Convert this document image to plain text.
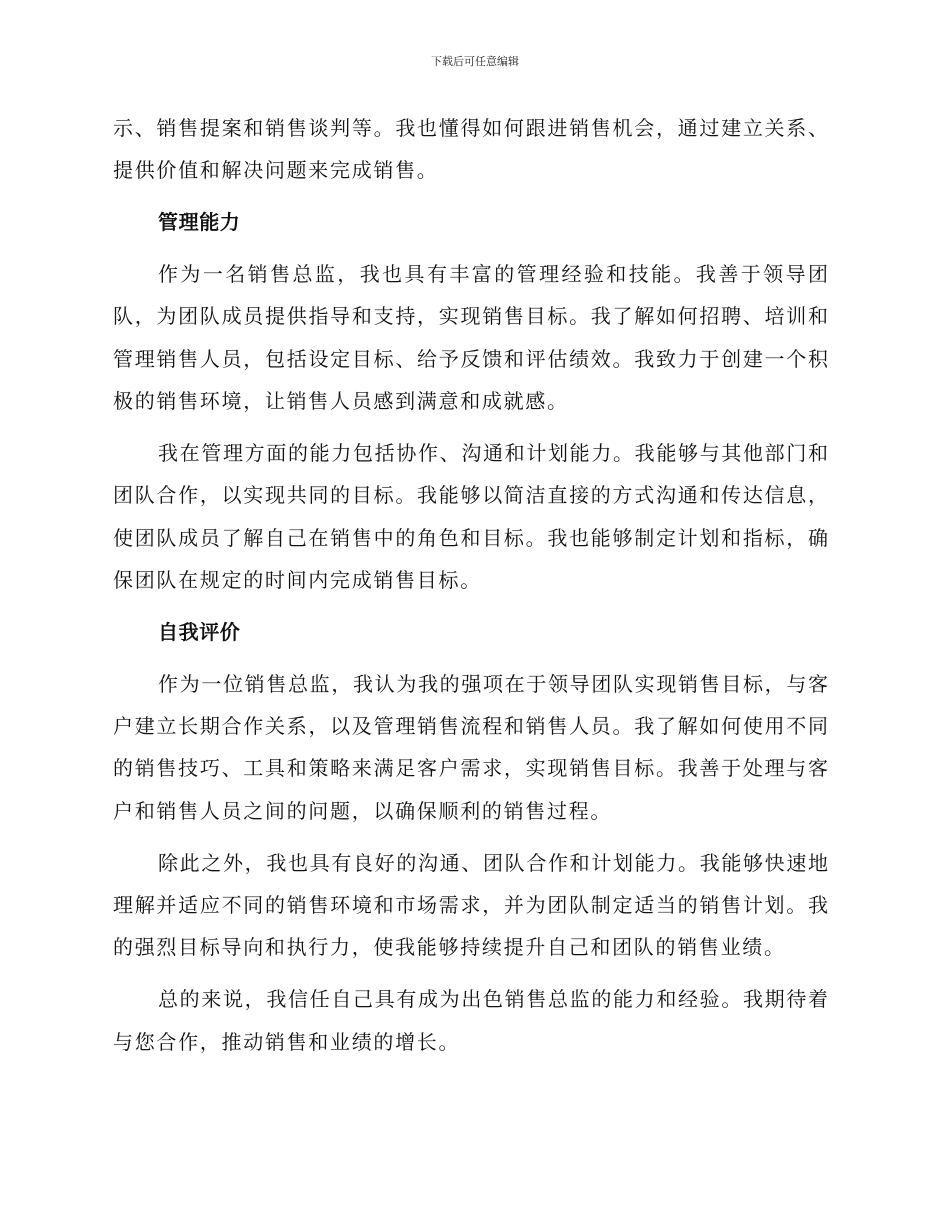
下载后可任意编辑
示、销售提案和销售谈判等。我也懂得如何跟进销售机会，通过建立关系、
提供价值和解决问题来完成销售。
管理能力
作为一名销售总监，我也具有丰富的管理经验和技能。我善于领导团
队，为团队成员提供指导和支持，实现销售目标。我了解如何招聘、培训和
管理销售人员，包括设定目标、给予反馈和评估绩效。我致力于创建一个积
极的销售环境，让销售人员感到满意和成就感。
我在管理方面的能力包括协作、沟通和计划能力。我能够与其他部门和
团队合作，以实现共同的目标。我能够以简洁直接的方式沟通和传达信息，
使团队成员了解自己在销售中的角色和目标。我也能够制定计划和指标，确
保团队在规定的时间内完成销售目标。
自我评价
作为一位销售总监，我认为我的强项在于领导团队实现销售目标，与客
户建立长期合作关系，以及管理销售流程和销售人员。我了解如何使用不同
的销售技巧、工具和策略来满足客户需求，实现销售目标。我善于处理与客
户和销售人员之间的问题，以确保顺利的销售过程。
除此之外，我也具有良好的沟通、团队合作和计划能力。我能够快速地
理解并适应不同的销售环境和市场需求，并为团队制定适当的销售计划。我
的强烈目标导向和执行力，使我能够持续提升自己和团队的销售业绩。
总的来说，我信任自己具有成为出色销售总监的能力和经验。我期待着
与您合作，推动销售和业绩的增长。
